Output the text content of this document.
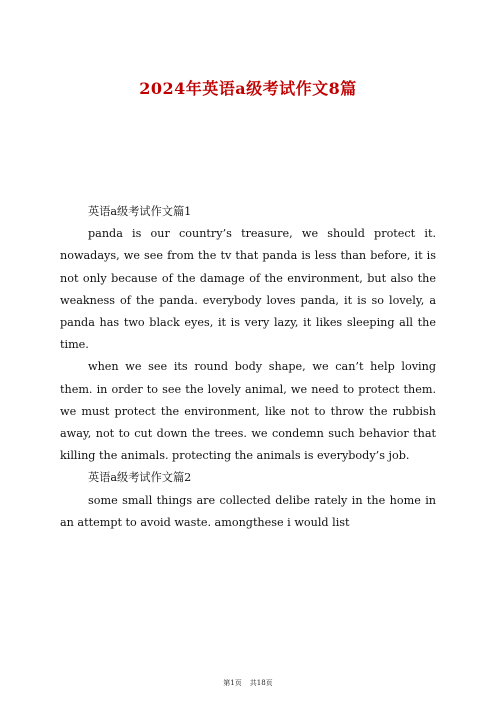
2024年英语a级考试作文8篇

英语a级考试作文篇1

panda is our country’s treasure, we should protect it. nowadays, we see from the tv that panda is less than before, it is not only because of the damage of the environment, but also the weakness of the panda. everybody loves panda, it is so lovely, a panda has two black eyes, it is very lazy, it likes sleeping all the time.

when we see its round body shape, we can’t help loving them. in order to see the lovely animal, we need to protect them. we must protect the environment, like not to throw the rubbish away, not to cut down the trees. we condemn such behavior that killing the animals. protecting the animals is everybody’s job.

英语a级考试作文篇2

some small things are collected delibe rately in the home in an attempt to avoid waste. amongthese i would list

第1页 共18页
